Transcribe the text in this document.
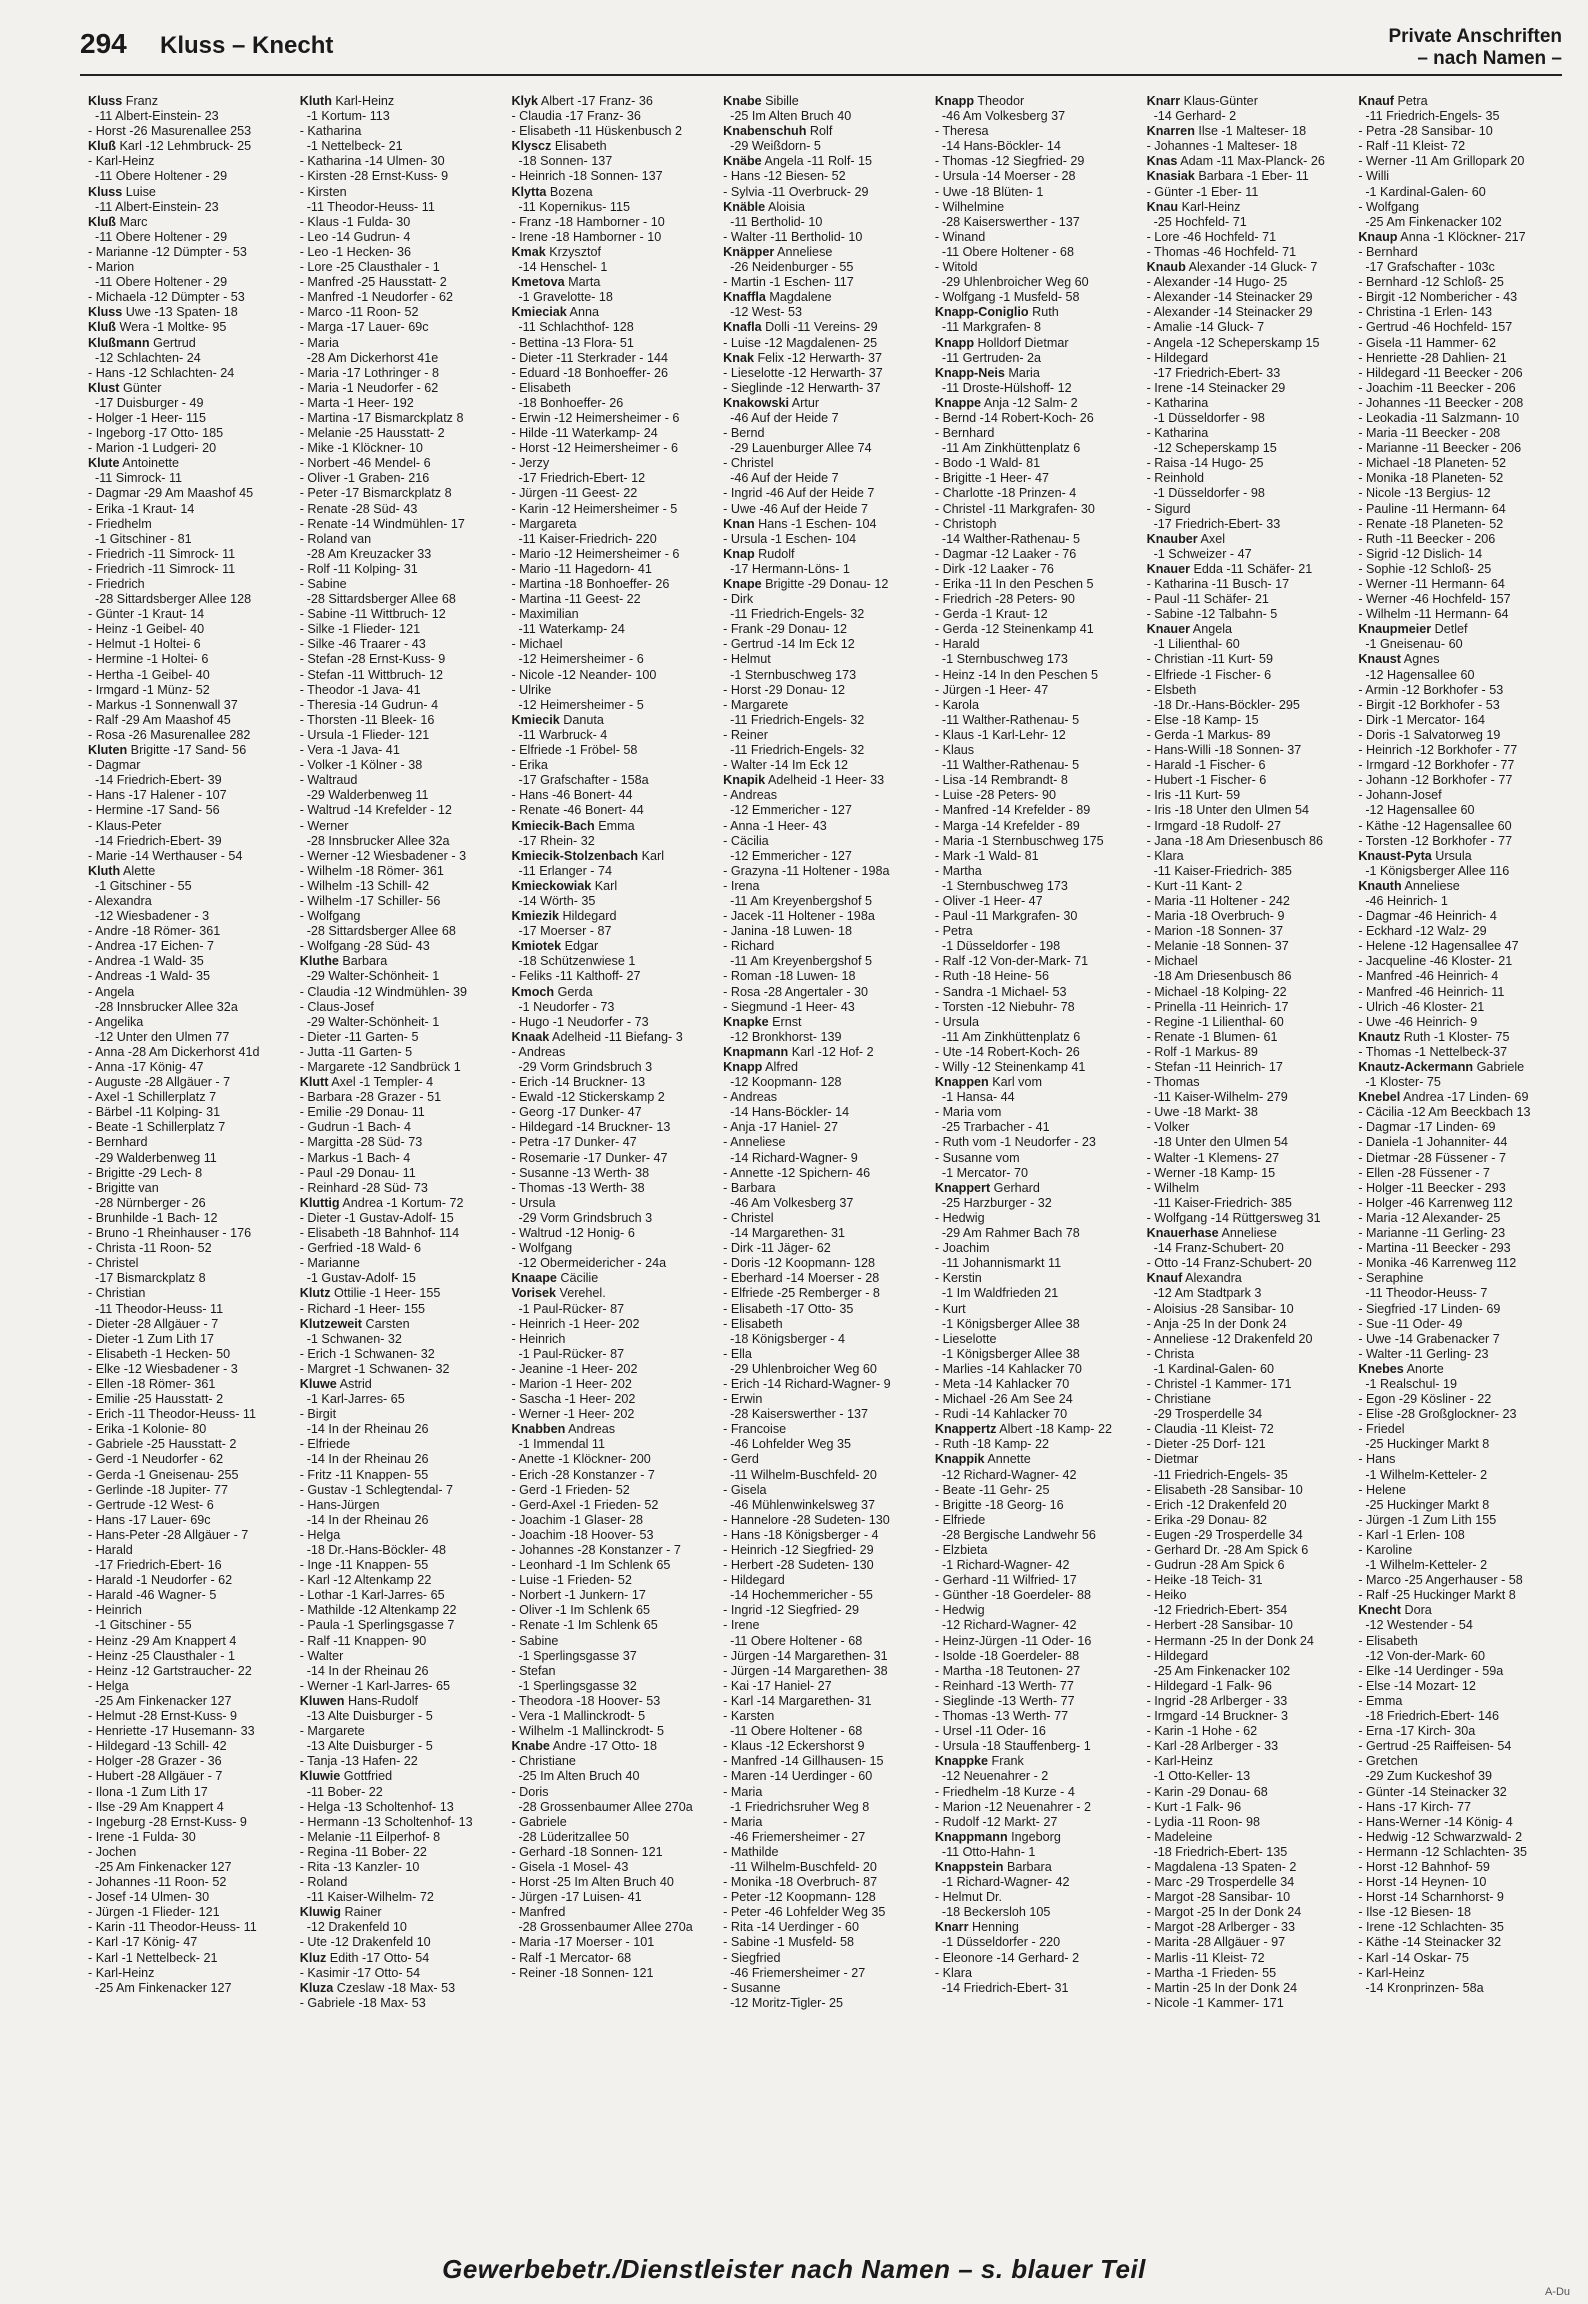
294 Kluss – Knecht	Private Anschriften
– nach Namen –
Kluss Franz
-11 Albert-Einstein- 23
- Horst -26 Masurenallee 253
Kluß Karl -12 Lehmbruck- 25
- Karl-Heinz
-11 Obere Holtener - 29
Kluss Luise
-11 Albert-Einstein- 23
Kluß Marc
-11 Obere Holtener - 29
- Marianne -12 Dümpter - 53
- Marion
-11 Obere Holtener - 29
- Michaela -12 Dümpter - 53
Kluss Uwe -13 Spaten- 18
Kluß Wera -1 Moltke- 95
Klußmann Gertrud
-12 Schlachten- 24
- Hans -12 Schlachten- 24
Klust Günter
-17 Duisburger - 49
- Holger -1 Heer- 115
- Ingeborg -17 Otto- 185
- Marion -1 Ludgeri- 20
Klute Antoinette
-11 Simrock- 11
- Dagmar -29 Am Maashof 45
- Erika -1 Kraut- 14
- Friedhelm
-1 Gitschiner - 81
- Friedrich -11 Simrock- 11
- Friedrich -11 Simrock- 11
- Friedrich
-28 Sittardsberger Allee 128
- Günter -1 Kraut- 14
- Heinz -1 Geibel- 40
- Helmut -1 Holtei- 6
- Hermine -1 Holtei- 6
- Hertha -1 Geibel- 40
- Irmgard -1 Münz- 52
- Markus -1 Sonnenwall 37
- Ralf -29 Am Maashof 45
- Rosa -26 Masurenallee 282
Kluten Brigitte -17 Sand- 56
- Dagmar
-14 Friedrich-Ebert- 39
- Hans -17 Halener - 107
- Hermine -17 Sand- 56
- Klaus-Peter
-14 Friedrich-Ebert- 39
- Marie -14 Werthauser - 54
Kluth Alette
-1 Gitschiner - 55
- Alexandra
-12 Wiesbadener - 3
- Andre -18 Römer- 361
- Andrea -17 Eichen- 7
- Andrea -1 Wald- 35
- Andreas -1 Wald- 35
- Angela
-28 Innsbrucker Allee 32a
- Angelika
-12 Unter den Ulmen 77
- Anna -28 Am Dickerhorst 41d
- Anna -17 König- 47
- Auguste -28 Allgäuer - 7
- Axel -1 Schillerplatz 7
- Bärbel -11 Kolping- 31
- Beate -1 Schillerplatz 7
- Bernhard
-29 Walderbenweg 11
- Brigitte -29 Lech- 8
- Brigitte van
-28 Nürnberger - 26
- Brunhilde -1 Bach- 12
- Bruno -1 Rheinhauser - 176
- Christa -11 Roon- 52
- Christel
-17 Bismarckplatz 8
- Christian
-11 Theodor-Heuss- 11
- Dieter -28 Allgäuer - 7
- Dieter -1 Zum Lith 17
- Elisabeth -1 Hecken- 50
- Elke -12 Wiesbadener - 3
- Ellen -18 Römer- 361
- Emilie -25 Hausstatt- 2
- Erich -11 Theodor-Heuss- 11
- Erika -1 Kolonie- 80
- Gabriele -25 Hausstatt- 2
- Gerd -1 Neudorfer - 62
- Gerda -1 Gneisenau- 255
- Gerlinde -18 Jupiter- 77
- Gertrude -12 West- 6
- Hans -17 Lauer- 69c
- Hans-Peter -28 Allgäuer - 7
- Harald
-17 Friedrich-Ebert- 16
- Harald -1 Neudorfer - 62
- Harald -46 Wagner- 5
- Heinrich
-1 Gitschiner - 55
- Heinz -29 Am Knappert 4
- Heinz -25 Clausthaler - 1
- Heinz -12 Gartstraucher- 22
- Helga
-25 Am Finkenacker 127
- Helmut -28 Ernst-Kuss- 9
- Henriette -17 Husemann- 33
- Hildegard -13 Schill- 42
- Holger -28 Grazer - 36
- Hubert -28 Allgäuer - 7
- Ilona -1 Zum Lith 17
- Ilse -29 Am Knappert 4
- Ingeburg -28 Ernst-Kuss- 9
- Irene -1 Fulda- 30
- Jochen
-25 Am Finkenacker 127
- Johannes -11 Roon- 52
- Josef -14 Ulmen- 30
- Jürgen -1 Flieder- 121
- Karin -11 Theodor-Heuss- 11
- Karl -17 König- 47
- Karl -1 Nettelbeck- 21
- Karl-Heinz
-25 Am Finkenacker 127
Kluth Karl-Heinz
-1 Kortum- 113
- Katharina
-1 Nettelbeck- 21
- Katharina -14 Ulmen- 30
- Kirsten -28 Ernst-Kuss- 9
- Kirsten
-11 Theodor-Heuss- 11
- Klaus -1 Fulda- 30
- Leo -14 Gudrun- 4
- Leo -1 Hecken- 36
- Lore -25 Clausthaler - 1
- Manfred -25 Hausstatt- 2
- Manfred -1 Neudorfer - 62
- Marco -11 Roon- 52
- Marga -17 Lauer- 69c
- Maria
-28 Am Dickerhorst 41e
- Maria -17 Lothringer - 8
- Maria -1 Neudorfer - 62
- Marta -1 Heer- 192
- Martina -17 Bismarckplatz 8
- Melanie -25 Hausstatt- 2
- Mike -1 Klöckner- 10
- Norbert -46 Mendel- 6
- Oliver -1 Graben- 216
- Peter -17 Bismarckplatz 8
- Renate -28 Süd- 43
- Renate -14 Windmühlen- 17
- Roland van
-28 Am Kreuzacker 33
- Rolf -11 Kolping- 31
- Sabine
-28 Sittardsberger Allee 68
- Sabine -11 Wittbruch- 12
- Silke -1 Flieder- 121
- Silke -46 Traarer - 43
- Stefan -28 Ernst-Kuss- 9
- Stefan -11 Wittbruch- 12
- Theodor -1 Java- 41
- Theresia -14 Gudrun- 4
- Thorsten -11 Bleek- 16
- Ursula -1 Flieder- 121
- Vera -1 Java- 41
- Volker -1 Kölner - 38
- Waltraud
-29 Walderbenweg 11
- Waltrud -14 Krefelder - 12
- Werner
-28 Innsbrucker Allee 32a
- Werner -12 Wiesbadener - 3
- Wilhelm -18 Römer- 361
- Wilhelm -13 Schill- 42
- Wilhelm -17 Schiller- 56
- Wolfgang
-28 Sittardsberger Allee 68
- Wolfgang -28 Süd- 43
Kluthe Barbara
-29 Walter-Schönheit- 1
- Claudia -12 Windmühlen- 39
- Claus-Josef
-29 Walter-Schönheit- 1
- Dieter -11 Garten- 5
- Jutta -11 Garten- 5
- Margarete -12 Sandbrück 1
Klutt Axel -1 Templer- 4
- Barbara -28 Grazer - 51
- Emilie -29 Donau- 11
- Gudrun -1 Bach- 4
- Margitta -28 Süd- 73
- Markus -1 Bach- 4
- Paul -29 Donau- 11
- Reinhard -28 Süd- 73
Kluttig Andrea -1 Kortum- 72
- Dieter -1 Gustav-Adolf- 15
- Elisabeth -18 Bahnhof- 114
- Gerfried -18 Wald- 6
- Marianne
-1 Gustav-Adolf- 15
Klutz Ottilie -1 Heer- 155
- Richard -1 Heer- 155
Klutzeweit Carsten
-1 Schwanen- 32
- Erich -1 Schwanen- 32
- Margret -1 Schwanen- 32
Kluwe Astrid
-1 Karl-Jarres- 65
- Birgit
-14 In der Rheinau 26
- Elfriede
-14 In der Rheinau 26
- Fritz -11 Knappen- 55
- Gustav -1 Schlegtendal- 7
- Hans-Jürgen
-14 In der Rheinau 26
- Helga
-18 Dr.-Hans-Böckler- 48
- Inge -11 Knappen- 55
- Karl -12 Altenkamp 22
- Lothar -1 Karl-Jarres- 65
- Mathilde -12 Altenkamp 22
- Paula -1 Sperlingsgasse 7
- Ralf -11 Knappen- 90
- Walter
-14 In der Rheinau 26
- Werner -1 Karl-Jarres- 65
Kluwen Hans-Rudolf
-13 Alte Duisburger - 5
- Margarete
-13 Alte Duisburger - 5
- Tanja -13 Hafen- 22
Kluwie Gottfried
-11 Bober- 22
- Helga -13 Scholtenhof- 13
- Hermann -13 Scholtenhof- 13
- Melanie -11 Eilperhof- 8
- Regina -11 Bober- 22
- Rita -13 Kanzler- 10
- Roland
-11 Kaiser-Wilhelm- 72
Kluwig Rainer
-12 Drakenfeld 10
- Ute -12 Drakenfeld 10
Kluz Edith -17 Otto- 54
- Kasimir -17 Otto- 54
Kluza Czeslaw -18 Max- 53
- Gabriele -18 Max- 53
Klyk Albert -17 Franz- 36
- Claudia -17 Franz- 36
- Elisabeth -11 Hüskenbusch 2
Klyscz Elisabeth
-18 Sonnen- 137
- Heinrich -18 Sonnen- 137
Klytta Bozena
-11 Kopernikus- 115
- Franz -18 Hamborner - 10
- Irene -18 Hamborner - 10
Kmak Krzysztof
-14 Henschel- 1
Kmetova Marta
-1 Gravelotte- 18
Kmieciak Anna
-11 Schlachthof- 128
- Bettina -13 Flora- 51
- Dieter -11 Sterkrader - 144
- Eduard -18 Bonhoeffer- 26
- Elisabeth
-18 Bonhoeffer- 26
- Erwin -12 Heimersheimer - 6
- Hilde -11 Waterkamp- 24
- Horst -12 Heimersheimer - 6
- Jerzy
-17 Friedrich-Ebert- 12
- Jürgen -11 Geest- 22
- Karin -12 Heimersheimer - 5
- Margareta
-11 Kaiser-Friedrich- 220
- Mario -12 Heimersheimer - 6
- Mario -11 Hagedorn- 41
- Martina -18 Bonhoeffer- 26
- Martina -11 Geest- 22
- Maximilian
-11 Waterkamp- 24
- Michael
-12 Heimersheimer - 6
- Nicole -12 Neander- 100
- Ulrike
-12 Heimersheimer - 5
Kmiecik Danuta
-11 Warbruck- 4
- Elfriede -1 Fröbel- 58
- Erika
-17 Grafschafter - 158a
- Hans -46 Bonert- 44
- Renate -46 Bonert- 44
Kmiecik-Bach Emma
-17 Rhein- 32
Kmiecik-Stolzenbach Karl
-11 Erlanger - 74
Kmieckowiak Karl
-14 Wörth- 35
Kmiezik Hildegard
-17 Moerser - 87
Kmiotek Edgar
-18 Schützenwiese 1
- Feliks -11 Kalthoff- 27
Kmoch Gerda
-1 Neudorfer - 73
- Hugo -1 Neudorfer - 73
Knaak Adelheid -11 Biefang- 3
- Andreas
-29 Vorm Grindsbruch 3
- Erich -14 Bruckner- 13
- Ewald -12 Stickerskamp 2
- Georg -17 Dunker- 47
- Hildegard -14 Bruckner- 13
- Petra -17 Dunker- 47
- Rosemarie -17 Dunker- 47
- Susanne -13 Werth- 38
- Thomas -13 Werth- 38
- Ursula
-29 Vorm Grindsbruch 3
- Waltrud -12 Honig- 6
- Wolfgang
-12 Obermeidericher - 24a
Knaape Cäcilie
Vorisek Verehel.
-1 Paul-Rücker- 87
- Heinrich -1 Heer- 202
- Heinrich
-1 Paul-Rücker- 87
- Jeanine -1 Heer- 202
- Marion -1 Heer- 202
- Sascha -1 Heer- 202
- Werner -1 Heer- 202
Knabben Andreas
-1 Immendal 11
- Anette -1 Klöckner- 200
- Erich -28 Konstanzer - 7
- Gerd -1 Frieden- 52
- Gerd-Axel -1 Frieden- 52
- Joachim -1 Glaser- 28
- Joachim -18 Hoover- 53
- Johannes -28 Konstanzer - 7
- Leonhard -1 Im Schlenk 65
- Luise -1 Frieden- 52
- Norbert -1 Junkern- 17
- Oliver -1 Im Schlenk 65
- Renate -1 Im Schlenk 65
- Sabine
-1 Sperlingsgasse 37
- Stefan
-1 Sperlingsgasse 32
- Theodora -18 Hoover- 53
- Vera -1 Mallinckrodt- 5
- Wilhelm -1 Mallinckrodt- 5
Knabe Andre -17 Otto- 18
- Christiane
-25 Im Alten Bruch 40
- Doris
-28 Grossenbaumer Allee 270a
- Gabriele
-28 Lüderitzallee 50
- Gerhard -18 Sonnen- 121
- Gisela -1 Mosel- 43
- Horst -25 Im Alten Bruch 40
- Jürgen -17 Luisen- 41
- Manfred
-28 Grossenbaumer Allee 270a
- Maria -17 Moerser - 101
- Ralf -1 Mercator- 68
- Reiner -18 Sonnen- 121
Knabe Sibille
-25 Im Alten Bruch 40
Knabenschuh Rolf
-29 Weißdorn- 5
Knäbe Angela -11 Rolf- 15
- Hans -12 Biesen- 52
- Sylvia -11 Overbruck- 29
Knäble Aloisia
-11 Bertholid- 10
- Walter -11 Bertholid- 10
Knäpper Anneliese
-26 Neidenburger - 55
- Martin -1 Eschen- 117
Knaffla Magdalene
-12 West- 53
Knafla Dolli -11 Vereins- 29
- Luise -12 Magdalenen- 25
Knak Felix -12 Herwarth- 37
- Lieselotte -12 Herwarth- 37
- Sieglinde -12 Herwarth- 37
Knakowski Artur
-46 Auf der Heide 7
- Bernd
-29 Lauenburger Allee 74
- Christel
-46 Auf der Heide 7
- Ingrid -46 Auf der Heide 7
- Uwe -46 Auf der Heide 7
Knan Hans -1 Eschen- 104
- Ursula -1 Eschen- 104
Knap Rudolf
-17 Hermann-Löns- 1
Knape Brigitte -29 Donau- 12
- Dirk
-11 Friedrich-Engels- 32
- Frank -29 Donau- 12
- Gertrud -14 Im Eck 12
- Helmut
-1 Sternbuschweg 173
- Horst -29 Donau- 12
- Margarete
-11 Friedrich-Engels- 32
- Reiner
-11 Friedrich-Engels- 32
- Walter -14 Im Eck 12
Knapik Adelheid -1 Heer- 33
- Andreas
-12 Emmericher - 127
- Anna -1 Heer- 43
- Cäcilia
-12 Emmericher - 127
- Grazyna -11 Holtener - 198a
- Irena
-11 Am Kreyenbergshof 5
- Jacek -11 Holtener - 198a
- Janina -18 Luwen- 18
- Richard
-11 Am Kreyenbergshof 5
- Roman -18 Luwen- 18
- Rosa -28 Angertaler - 30
- Siegmund -1 Heer- 43
Knapke Ernst
-12 Bronkhorst- 139
Knapmann Karl -12 Hof- 2
Knapp Alfred
-12 Koopmann- 128
- Andreas
-14 Hans-Böckler- 14
- Anja -17 Haniel- 27
- Anneliese
-14 Richard-Wagner- 9
- Annette -12 Spichern- 46
- Barbara
-46 Am Volkesberg 37
- Christel
-14 Margarethen- 31
- Dirk -11 Jäger- 62
- Doris -12 Koopmann- 128
- Eberhard -14 Moerser - 28
- Elfriede -25 Remberger - 8
- Elisabeth -17 Otto- 35
- Elisabeth
-18 Königsberger - 4
- Ella
-29 Uhlenbroicher Weg 60
- Erich -14 Richard-Wagner- 9
- Erwin
-28 Kaiserswerther - 137
- Francoise
-46 Lohfelder Weg 35
- Gerd
-11 Wilhelm-Buschfeld- 20
- Gisela
-46 Mühlenwinkelsweg 37
- Hannelore -28 Sudeten- 130
- Hans -18 Königsberger - 4
- Heinrich -12 Siegfried- 29
- Herbert -28 Sudeten- 130
- Hildegard
-14 Hochemmericher - 55
- Ingrid -12 Siegfried- 29
- Irene
-11 Obere Holtener - 68
- Jürgen -14 Margarethen- 31
- Jürgen -14 Margarethen- 38
- Kai -17 Haniel- 27
- Karl -14 Margarethen- 31
- Karsten
-11 Obere Holtener - 68
- Klaus -12 Eckershorst 9
- Manfred -14 Gillhausen- 15
- Maren -14 Uerdinger - 60
- Maria
-1 Friedrichsruher Weg 8
- Maria
-46 Friemersheimer - 27
- Mathilde
-11 Wilhelm-Buschfeld- 20
- Monika -18 Overbruch- 87
- Peter -12 Koopmann- 128
- Peter -46 Lohfelder Weg 35
- Rita -14 Uerdinger - 60
- Sabine -1 Musfeld- 58
- Siegfried
-46 Friemersheimer - 27
- Susanne
-12 Moritz-Tigler- 25
Knapp Theodor
-46 Am Volkesberg 37
- Theresa
-14 Hans-Böckler- 14
- Thomas -12 Siegfried- 29
- Ursula -14 Moerser - 28
- Uwe -18 Blüten- 1
- Wilhelmine
-28 Kaiserswerther - 137
- Winand
-11 Obere Holtener - 68
- Witold
-29 Uhlenbroicher Weg 60
- Wolfgang -1 Musfeld- 58
Knapp-Coniglio Ruth
-11 Markgrafen- 8
Knapp Holldorf Dietmar
-11 Gertruden- 2a
Knapp-Neis Maria
-11 Droste-Hülshoff- 12
Knappe Anja -12 Salm- 2
- Bernd -14 Robert-Koch- 26
- Bernhard
-11 Am Zinkhüttenplatz 6
- Bodo -1 Wald- 81
- Brigitte -1 Heer- 47
- Charlotte -18 Prinzen- 4
- Christel -11 Markgrafen- 30
- Christoph
-14 Walther-Rathenau- 5
- Dagmar -12 Laaker - 76
- Dirk -12 Laaker - 76
- Erika -11 In den Peschen 5
- Friedrich -28 Peters- 90
- Gerda -1 Kraut- 12
- Gerda -12 Steinenkamp 41
- Harald
-1 Sternbuschweg 173
- Heinz -14 In den Peschen 5
- Jürgen -1 Heer- 47
- Karola
-11 Walther-Rathenau- 5
- Klaus -1 Karl-Lehr- 12
- Klaus
-11 Walther-Rathenau- 5
- Lisa -14 Rembrandt- 8
- Luise -28 Peters- 90
- Manfred -14 Krefelder - 89
- Marga -14 Krefelder - 89
- Maria -1 Sternbuschweg 175
- Mark -1 Wald- 81
- Martha
-1 Sternbuschweg 173
- Oliver -1 Heer- 47
- Paul -11 Markgrafen- 30
- Petra
-1 Düsseldorfer - 198
- Ralf -12 Von-der-Mark- 71
- Ruth -18 Heine- 56
- Sandra -1 Michael- 53
- Torsten -12 Niebuhr- 78
- Ursula
-11 Am Zinkhüttenplatz 6
- Ute -14 Robert-Koch- 26
- Willy -12 Steinenkamp 41
Knappen Karl vom
-1 Hansa- 44
- Maria vom
-25 Trarbacher - 41
- Ruth vom -1 Neudorfer - 23
- Susanne vom
-1 Mercator- 70
Knappert Gerhard
-25 Harzburger - 32
- Hedwig
-29 Am Rahmer Bach 78
- Joachim
-11 Johannismarkt 11
- Kerstin
-1 Im Waldfrieden 21
- Kurt
-1 Königsberger Allee 38
- Lieselotte
-1 Königsberger Allee 38
- Marlies -14 Kahlacker 70
- Meta -14 Kahlacker 70
- Michael -26 Am See 24
- Rudi -14 Kahlacker 70
Knappertz Albert -18 Kamp- 22
- Ruth -18 Kamp- 22
Knappik Annette
-12 Richard-Wagner- 42
- Beate -11 Gehr- 25
- Brigitte -18 Georg- 16
- Elfriede
-28 Bergische Landwehr 56
- Elzbieta
-1 Richard-Wagner- 42
- Gerhard -11 Wilfried- 17
- Günther -18 Goerdeler- 88
- Hedwig
-12 Richard-Wagner- 42
- Heinz-Jürgen -11 Oder- 16
- Isolde -18 Goerdeler- 88
- Martha -18 Teutonen- 27
- Reinhard -13 Werth- 77
- Sieglinde -13 Werth- 77
- Thomas -13 Werth- 77
- Ursel -11 Oder- 16
- Ursula -18 Stauffenberg- 1
Knappke Frank
-12 Neuenahrer - 2
- Friedhelm -18 Kurze - 4
- Marion -12 Neuenahrer - 2
- Rudolf -12 Markt- 27
Knappmann Ingeborg
-11 Otto-Hahn- 1
Knappstein Barbara
-1 Richard-Wagner- 42
- Helmut Dr.
-18 Beckersloh 105
Knarr Henning
-1 Düsseldorfer - 220
- Eleonore -14 Gerhard- 2
- Klara
-14 Friedrich-Ebert- 31
Knarr Klaus-Günter
-14 Gerhard- 2
Knarren Ilse -1 Malteser- 18
- Johannes -1 Malteser- 18
Knas Adam -11 Max-Planck- 26
Knasiak Barbara -1 Eber- 11
- Günter -1 Eber- 11
Knau Karl-Heinz
-25 Hochfeld- 71
- Lore -46 Hochfeld- 71
- Thomas -46 Hochfeld- 71
Knaub Alexander -14 Gluck- 7
- Alexander -14 Hugo- 25
- Alexander -14 Steinacker 29
- Alexander -14 Steinacker 29
- Amalie -14 Gluck- 7
- Angela -12 Scheperskamp 15
- Hildegard
-17 Friedrich-Ebert- 33
- Irene -14 Steinacker 29
- Katharina
-1 Düsseldorfer - 98
- Katharina
-12 Scheperskamp 15
- Raisa -14 Hugo- 25
- Reinhold
-1 Düsseldorfer - 98
- Sigurd
-17 Friedrich-Ebert- 33
Knauber Axel
-1 Schweizer - 47
Knauer Edda -11 Schäfer- 21
- Katharina -11 Busch- 17
- Paul -11 Schäfer- 21
- Sabine -12 Talbahn- 5
Knauer Angela
-1 Lilienthal- 60
- Christian -11 Kurt- 59
- Elfriede -1 Fischer- 6
- Elsbeth
-18 Dr.-Hans-Böckler- 295
- Else -18 Kamp- 15
- Gerda -1 Markus- 89
- Hans-Willi -18 Sonnen- 37
- Harald -1 Fischer- 6
- Hubert -1 Fischer- 6
- Iris -11 Kurt- 59
- Iris -18 Unter den Ulmen 54
- Irmgard -18 Rudolf- 27
- Jana -18 Am Driesenbusch 86
- Klara
-11 Kaiser-Friedrich- 385
- Kurt -11 Kant- 2
- Maria -11 Holtener - 242
- Maria -18 Overbruch- 9
- Marion -18 Sonnen- 37
- Melanie -18 Sonnen- 37
- Michael
-18 Am Driesenbusch 86
- Michael -18 Kolping- 22
- Prinella -11 Heinrich- 17
- Regine -1 Lilienthal- 60
- Renate -1 Blumen- 61
- Rolf -1 Markus- 89
- Stefan -11 Heinrich- 17
- Thomas
-11 Kaiser-Wilhelm- 279
- Uwe -18 Markt- 38
- Volker
-18 Unter den Ulmen 54
- Walter -1 Klemens- 27
- Werner -18 Kamp- 15
- Wilhelm
-11 Kaiser-Friedrich- 385
- Wolfgang -14 Rüttgersweg 31
Knauerhase Anneliese
-14 Franz-Schubert- 20
- Otto -14 Franz-Schubert- 20
Knauf Alexandra
-12 Am Stadtpark 3
- Aloisius -28 Sansibar- 10
- Anja -25 In der Donk 24
- Anneliese -12 Drakenfeld 20
- Christa
-1 Kardinal-Galen- 60
- Christel -1 Kammer- 171
- Christiane
-29 Trosperdelle 34
- Claudia -11 Kleist- 72
- Dieter -25 Dorf- 121
- Dietmar
-11 Friedrich-Engels- 35
- Elisabeth -28 Sansibar- 10
- Erich -12 Drakenfeld 20
- Erika -29 Donau- 82
- Eugen -29 Trosperdelle 34
- Gerhard Dr. -28 Am Spick 6
- Gudrun -28 Am Spick 6
- Heike -18 Teich- 31
- Heiko
-12 Friedrich-Ebert- 354
- Herbert -28 Sansibar- 10
- Hermann -25 In der Donk 24
- Hildegard
-25 Am Finkenacker 102
- Hildegard -1 Falk- 96
- Ingrid -28 Arlberger - 33
- Irmgard -14 Bruckner- 3
- Karin -1 Hohe - 62
- Karl -28 Arlberger - 33
- Karl-Heinz
-1 Otto-Keller- 13
- Karin -29 Donau- 68
- Kurt -1 Falk- 96
- Lydia -11 Roon- 98
- Madeleine
-18 Friedrich-Ebert- 135
- Magdalena -13 Spaten- 2
- Marc -29 Trosperdelle 34
- Margot -28 Sansibar- 10
- Margot -25 In der Donk 24
- Margot -28 Arlberger - 33
- Marita -28 Allgäuer - 97
- Marlis -11 Kleist- 72
- Martha -1 Frieden- 55
- Martin -25 In der Donk 24
- Nicole -1 Kammer- 171
Knauf Petra
-11 Friedrich-Engels- 35
- Petra -28 Sansibar- 10
- Ralf -11 Kleist- 72
- Werner -11 Am Grillopark 20
- Willi
-1 Kardinal-Galen- 60
- Wolfgang
-25 Am Finkenacker 102
Knaup Anna -1 Klöckner- 217
- Bernhard
-17 Grafschafter - 103c
- Bernhard -12 Schloß- 25
- Birgit -12 Nombericher - 43
- Christina -1 Erlen- 143
- Gertrud -46 Hochfeld- 157
- Gisela -11 Hammer- 62
- Henriette -28 Dahlien- 21
- Hildegard -11 Beecker - 206
- Joachim -11 Beecker - 206
- Johannes -11 Beecker - 208
- Leokadia -11 Salzmann- 10
- Maria -11 Beecker - 208
- Marianne -11 Beecker - 206
- Michael -18 Planeten- 52
- Monika -18 Planeten- 52
- Nicole -13 Bergius- 12
- Pauline -11 Hermann- 64
- Renate -18 Planeten- 52
- Ruth -11 Beecker - 206
- Sigrid -12 Dislich- 14
- Sophie -12 Schloß- 25
- Werner -11 Hermann- 64
- Werner -46 Hochfeld- 157
- Wilhelm -11 Hermann- 64
Knaupmeier Detlef
-1 Gneisenau- 60
Knaust Agnes
-12 Hagensallee 60
- Armin -12 Borkhofer - 53
- Birgit -12 Borkhofer - 53
- Dirk -1 Mercator- 164
- Doris -1 Salvatorweg 19
- Heinrich -12 Borkhofer - 77
- Irmgard -12 Borkhofer - 77
- Johann -12 Borkhofer - 77
- Johann-Josef
-12 Hagensallee 60
- Käthe -12 Hagensallee 60
- Torsten -12 Borkhofer - 77
Knaust-Pyta Ursula
-1 Königsberger Allee 116
Knauth Anneliese
-46 Heinrich- 1
- Dagmar -46 Heinrich- 4
- Eckhard -12 Walz- 29
- Helene -12 Hagensallee 47
- Jacqueline -46 Kloster- 21
- Manfred -46 Heinrich- 4
- Manfred -46 Heinrich- 11
- Ulrich -46 Kloster- 21
- Uwe -46 Heinrich- 9
Knautz Ruth -1 Kloster- 75
- Thomas -1 Nettelbeck-37
Knautz-Ackermann Gabriele
-1 Kloster- 75
Knebel Andrea -17 Linden- 69
- Cäcilia -12 Am Beeckbach 13
- Dagmar -17 Linden- 69
- Daniela -1 Johanniter- 44
- Dietmar -28 Füssener - 7
- Ellen -28 Füssener - 7
- Holger -11 Beecker - 293
- Holger -46 Karrenweg 112
- Maria -12 Alexander- 25
- Marianne -11 Gerling- 23
- Martina -11 Beecker - 293
- Monika -46 Karrenweg 112
- Seraphine
-11 Theodor-Heuss- 7
- Siegfried -17 Linden- 69
- Sue -11 Oder- 49
- Uwe -14 Grabenacker 7
- Walter -11 Gerling- 23
Knebes Anorte
-1 Realschul- 19
- Egon -29 Kösliner - 22
- Elise -28 Großglockner- 23
- Friedel
-25 Huckinger Markt 8
- Hans
-1 Wilhelm-Ketteler- 2
- Helene
-25 Huckinger Markt 8
- Jürgen -1 Zum Lith 155
- Karl -1 Erlen- 108
- Karoline
-1 Wilhelm-Ketteler- 2
- Marco -25 Angerhauser - 58
- Ralf -25 Huckinger Markt 8
Knecht Dora
-12 Westender - 54
- Elisabeth
-12 Von-der-Mark- 60
- Elke -14 Uerdinger - 59a
- Else -14 Mozart- 12
- Emma
-18 Friedrich-Ebert- 146
- Erna -17 Kirch- 30a
- Gertrud -25 Raiffeisen- 54
- Gretchen
-29 Zum Kuckeshof 39
- Günter -14 Steinacker 32
- Hans -17 Kirch- 77
- Hans-Werner -14 König- 4
- Hedwig -12 Schwarzwald- 2
- Hermann -12 Schlachten- 35
- Horst -12 Bahnhof- 59
- Horst -14 Heynen- 10
- Horst -14 Scharnhorst- 9
- Ilse -12 Biesen- 18
- Irene -12 Schlachten- 35
- Käthe -14 Steinacker 32
- Karl -14 Oskar- 75
- Karl-Heinz
-14 Kronprinzen- 58a
Gewerbebetr./Dienstleister nach Namen – s. blauer Teil
A-Du
